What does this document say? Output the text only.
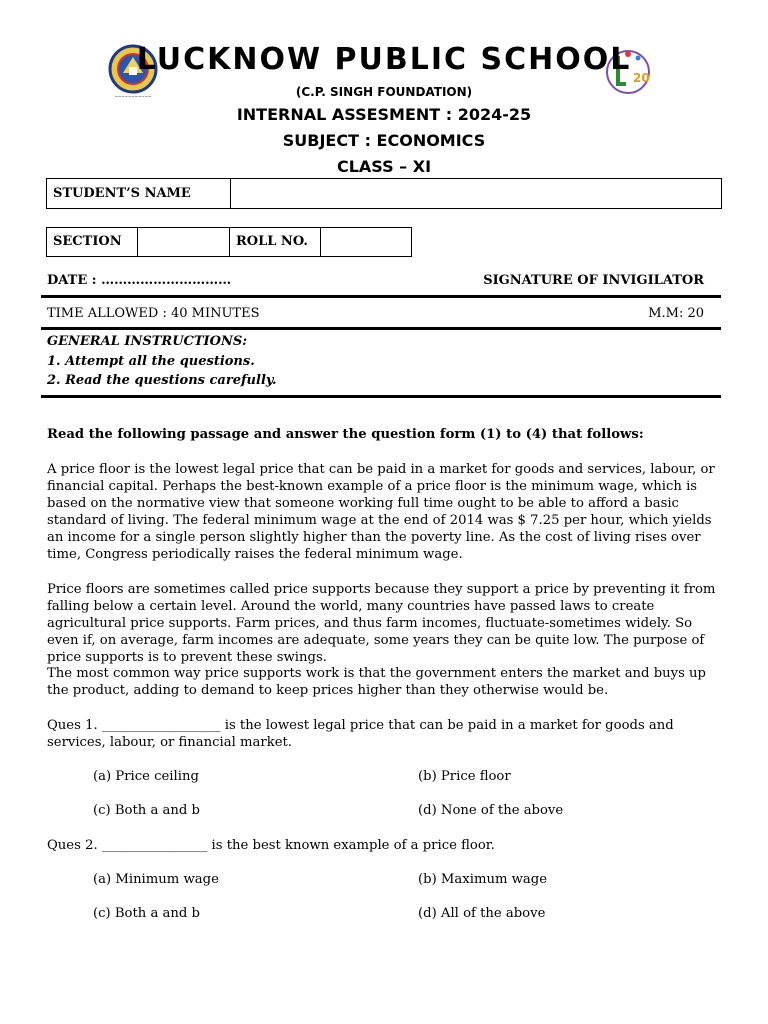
~~~~~~~~~~~
20
LUCKNOW PUBLIC SCHOOL
(C.P. SINGH FOUNDATION)
INTERNAL ASSESMENT : 2024-25
SUBJECT : ECONOMICS
CLASS – XI
STUDENT’S NAME
SECTION	ROLL NO.
DATE : …………………………	SIGNATURE OF INVIGILATOR
TIME ALLOWED : 40 MINUTES	M.M: 20
GENERAL INSTRUCTIONS:
1. Attempt all the questions.
2. Read the questions carefully.
Read the following passage and answer the question form (1) to (4) that follows:
A price floor is the lowest legal price that can be paid in a market for goods and services, labour, or financial capital. Perhaps the best-known example of a price floor is the minimum wage, which is based on the normative view that someone working full time ought to be able to afford a basic standard of living. The federal minimum wage at the end of 2014 was $ 7.25 per hour, which yields an income for a single person slightly higher than the poverty line. As the cost of living rises over time, Congress periodically raises the federal minimum wage.
Price floors are sometimes called price supports because they support a price by preventing it from falling below a certain level. Around the world, many countries have passed laws to create agricultural price supports. Farm prices, and thus farm incomes, fluctuate-sometimes widely. So even if, on average, farm incomes are adequate, some years they can be quite low. The purpose of price supports is to prevent these swings.
The most common way price supports work is that the government enters the market and buys up the product, adding to demand to keep prices higher than they otherwise would be.
Ques 1. __________________ is the lowest legal price that can be paid in a market for goods and services, labour, or financial market.
(a) Price ceiling	(b) Price floor
(c) Both a and b	(d) None of the above
Ques 2. ________________ is the best known example of a price floor.
(a) Minimum wage	(b) Maximum wage
(c) Both a and b	(d) All of the above
